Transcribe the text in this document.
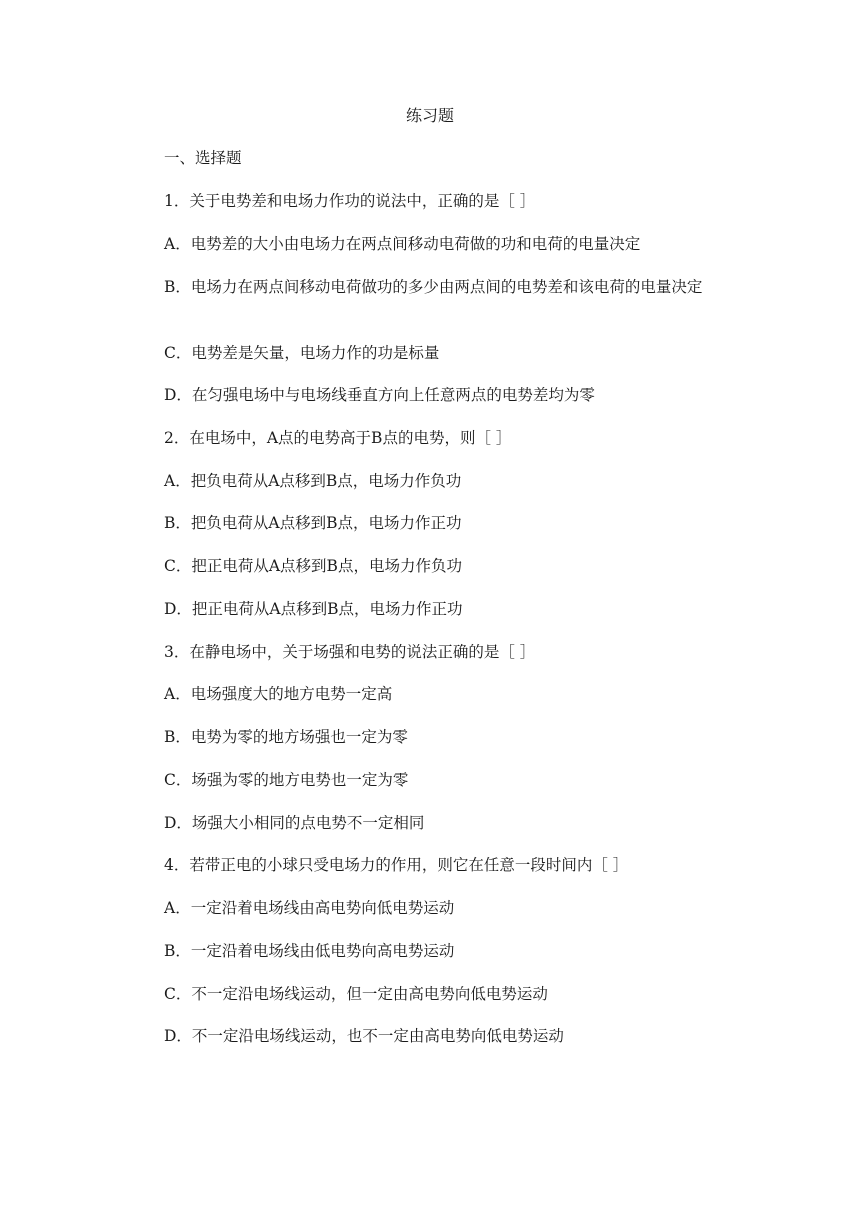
练习题
一、选择题
1．关于电势差和电场力作功的说法中，正确的是［ ］
A．电势差的大小由电场力在两点间移动电荷做的功和电荷的电量决定
B．电场力在两点间移动电荷做功的多少由两点间的电势差和该电荷的电量决定
C．电势差是矢量，电场力作的功是标量
D．在匀强电场中与电场线垂直方向上任意两点的电势差均为零
2．在电场中，A点的电势高于B点的电势，则［ ］
A．把负电荷从A点移到B点，电场力作负功
B．把负电荷从A点移到B点，电场力作正功
C．把正电荷从A点移到B点，电场力作负功
D．把正电荷从A点移到B点，电场力作正功
3．在静电场中，关于场强和电势的说法正确的是［ ］
A．电场强度大的地方电势一定高
B．电势为零的地方场强也一定为零
C．场强为零的地方电势也一定为零
D．场强大小相同的点电势不一定相同
4．若带正电的小球只受电场力的作用，则它在任意一段时间内［ ］
A．一定沿着电场线由高电势向低电势运动
B．一定沿着电场线由低电势向高电势运动
C．不一定沿电场线运动，但一定由高电势向低电势运动
D．不一定沿电场线运动，也不一定由高电势向低电势运动
